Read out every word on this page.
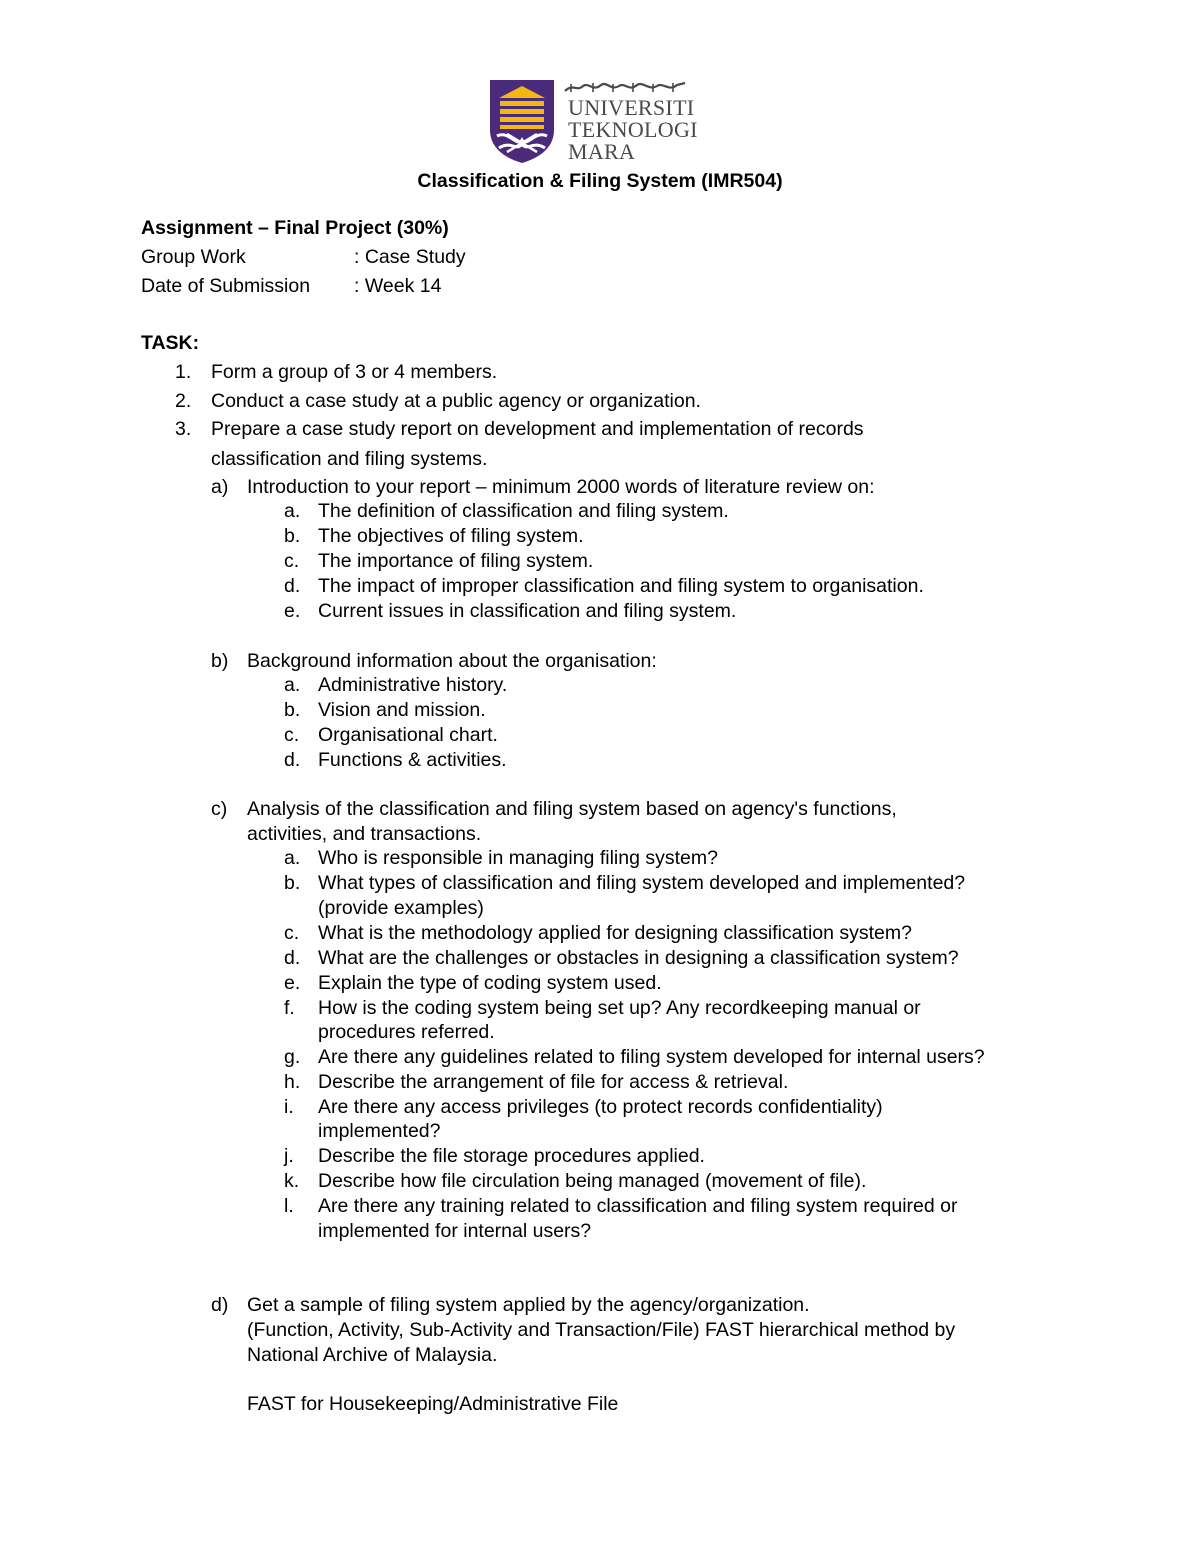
UNIVERSITI
TEKNOLOGI
MARA
Classification & Filing System (IMR504)
Assignment – Final Project (30%)
Group Work	: Case Study
Date of Submission : Week 14
TASK:
1. Form a group of 3 or 4 members.
2. Conduct a case study at a public agency or organization.
3. Prepare a case study report on development and implementation of records
classification and filing systems.
a) Introduction to your report – minimum 2000 words of literature review on:
a. The definition of classification and filing system.
b. The objectives of filing system.
c. The importance of filing system.
d. The impact of improper classification and filing system to organisation.
e. Current issues in classification and filing system.
b) Background information about the organisation:
a. Administrative history.
b. Vision and mission.
c. Organisational chart.
d. Functions & activities.
c) Analysis of the classification and filing system based on agency's functions,
activities, and transactions.
a. Who is responsible in managing filing system?
b. What types of classification and filing system developed and implemented?
(provide examples)
c. What is the methodology applied for designing classification system?
d. What are the challenges or obstacles in designing a classification system?
e. Explain the type of coding system used.
f. How is the coding system being set up? Any recordkeeping manual or
procedures referred.
g. Are there any guidelines related to filing system developed for internal users?
h. Describe the arrangement of file for access & retrieval.
i. Are there any access privileges (to protect records confidentiality)
implemented?
j. Describe the file storage procedures applied.
k. Describe how file circulation being managed (movement of file).
l. Are there any training related to classification and filing system required or
implemented for internal users?
d) Get a sample of filing system applied by the agency/organization.
(Function, Activity, Sub-Activity and Transaction/File) FAST hierarchical method by
National Archive of Malaysia.
FAST for Housekeeping/Administrative File
